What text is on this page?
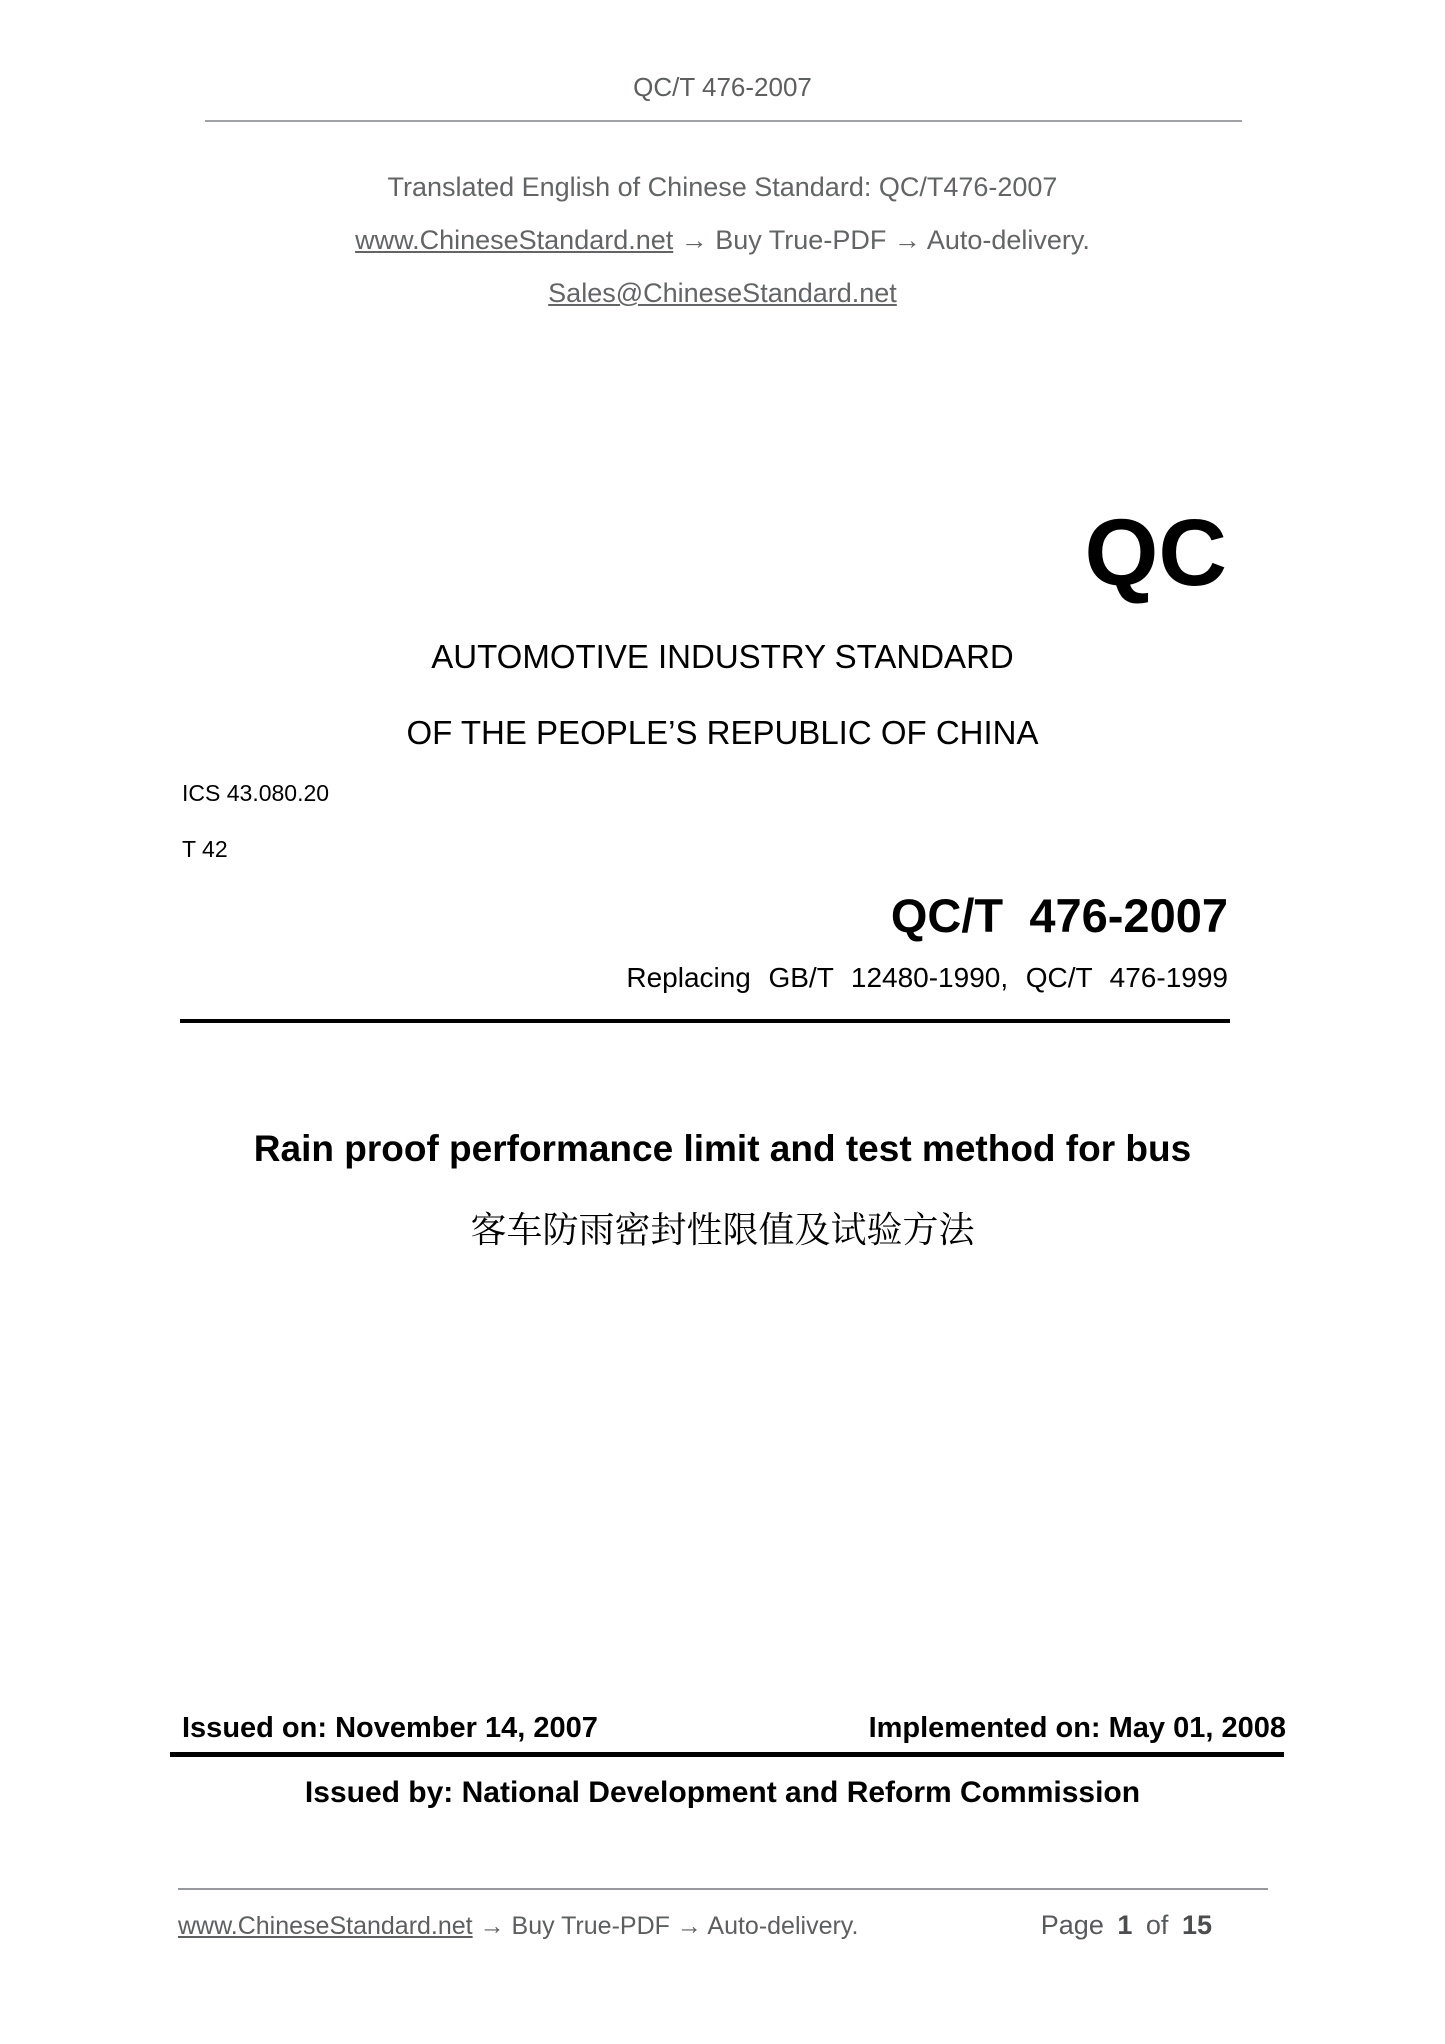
QC/T 476-2007
Translated English of Chinese Standard: QC/T476-2007
www.ChineseStandard.net → Buy True-PDF → Auto-delivery.
Sales@ChineseStandard.net
QC
AUTOMOTIVE INDUSTRY STANDARD
OF THE PEOPLE’S REPUBLIC OF CHINA
ICS 43.080.20
T 42
QC/T 476-2007
Replacing GB/T 12480-1990, QC/T 476-1999
Rain proof performance limit and test method for bus
客车防雨密封性限值及试验方法
Issued on: November 14, 2007	Implemented on: May 01, 2008
Issued by: National Development and Reform Commission
www.ChineseStandard.net → Buy True-PDF → Auto-delivery.	Page 1 of 15
